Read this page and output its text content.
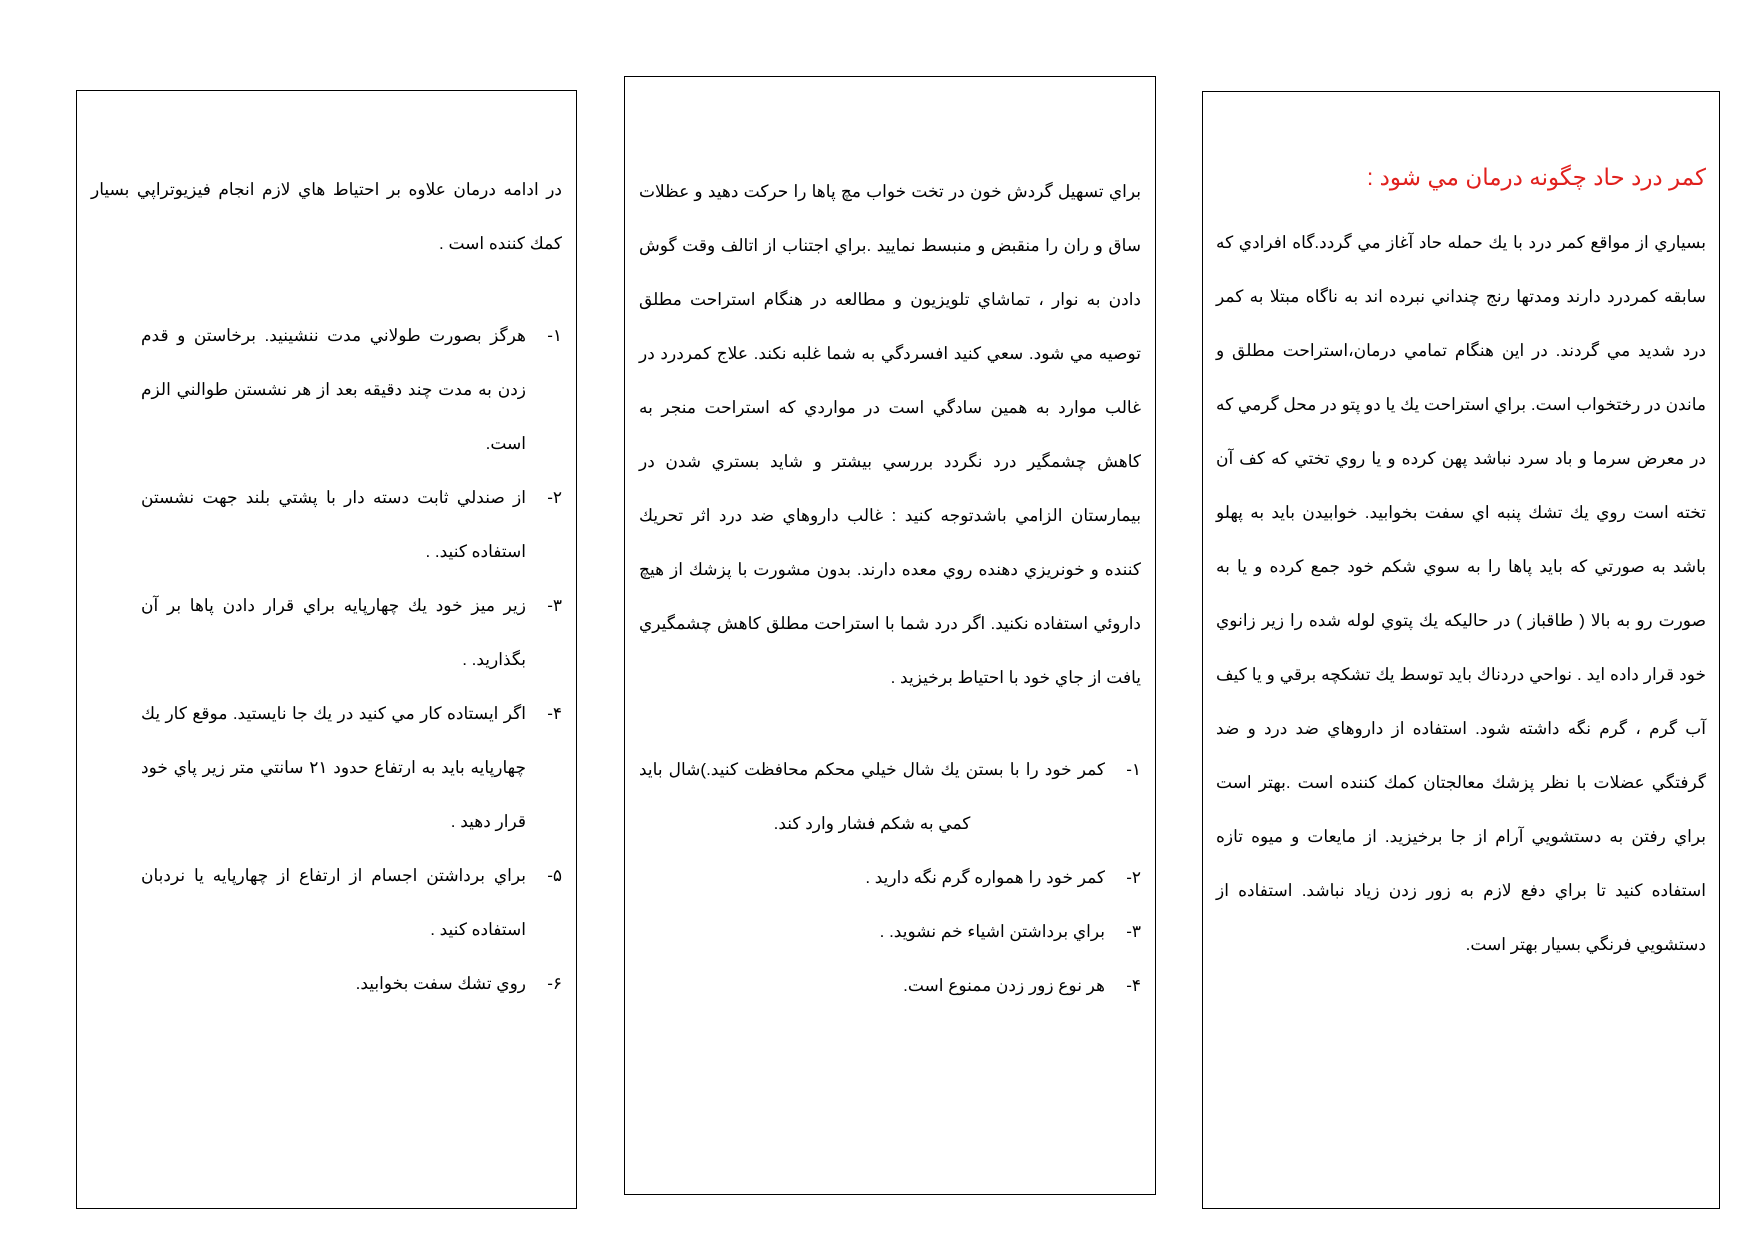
كمر درد حاد چگونه درمان مي شود :

بسياري از مواقع كمر درد با يك حمله حاد آغاز مي گردد.گاه افرادي كه سابقه كمردرد دارند ومدتها رنج چنداني نبرده اند به ناگاه مبتلا به كمر درد شديد مي گردند. در اين هنگام تمامي درمان،استراحت مطلق و ماندن در رختخواب است. براي استراحت يك يا دو پتو در محل گرمي كه در معرض سرما و باد سرد نباشد پهن كرده و يا روي تختي كه كف آن تخته است روي يك تشك پنبه اي سفت بخوابيد. خوابيدن بايد به پهلو باشد به صورتي كه بايد پاها را به سوي شكم خود جمع كرده و يا به صورت رو به بالا ( طاقباز ) در حاليكه يك پتوي لوله شده را زير زانوي خود قرار داده ايد . نواحي دردناك بايد توسط يك تشكچه برقي و يا كيف آب گرم ، گرم نگه داشته شود. استفاده از داروهاي ضد درد و ضد گرفتگي عضلات با نظر پزشك معالجتان كمك كننده است .بهتر است براي رفتن به دستشويي آرام از جا برخيزيد. از مايعات و ميوه تازه استفاده كنيد تا براي دفع لازم به زور زدن زياد نباشد. استفاده از دستشويي فرنگي بسيار بهتر است.

براي تسهيل گردش خون در تخت خواب مچ پاها را حركت دهيد و عظلات ساق و ران را منقبض و منبسط نماييد .براي اجتناب از اتالف وقت گوش دادن به نوار ، تماشاي تلويزيون و مطالعه در هنگام استراحت مطلق توصيه مي شود. سعي كنيد افسردگي به شما غلبه نكند. علاج كمردرد در غالب موارد به همين سادگي است در مواردي كه استراحت منجر به كاهش چشمگير درد نگردد بررسي بيشتر و شايد بستري شدن در بيمارستان الزامي باشدتوجه كنيد : غالب داروهاي ضد درد اثر تحريك كننده و خونريزي دهنده روي معده دارند. بدون مشورت با پزشك از هيچ داروئي استفاده نكنيد. اگر درد شما با استراحت مطلق كاهش چشمگيري يافت از جاي خود با احتياط برخيزيد .

۱-
كمر خود را با بستن يك شال خيلي محكم محافظت كنيد.)شال بايد كمي به شكم فشار وارد كند.
۲-
كمر خود را همواره گرم نگه داريد .
۳-
براي برداشتن اشياء خم نشويد. .
۴-
هر نوع زور زدن ممنوع است.

در ادامه درمان علاوه بر احتياط هاي لازم انجام فيزيوتراپي بسيار كمك كننده است .

۱-
هرگز بصورت طولاني مدت ننشينيد. برخاستن و قدم زدن به مدت چند دقيقه بعد از هر نشستن طوالني الزم است.
۲-
از صندلي ثابت دسته دار با پشتي بلند جهت نشستن استفاده كنيد. .
۳-
زير ميز خود يك چهارپايه براي قرار دادن پاها بر آن بگذاريد. .
۴-
اگر ايستاده كار مي كنيد در يك جا نايستيد. موقع كار يك چهارپايه بايد به ارتفاع حدود ۲۱ سانتي متر زير پاي خود قرار دهيد .
۵-
براي برداشتن اجسام از ارتفاع از چهارپايه يا نردبان استفاده كنيد .
۶-
روي تشك سفت بخوابيد.
